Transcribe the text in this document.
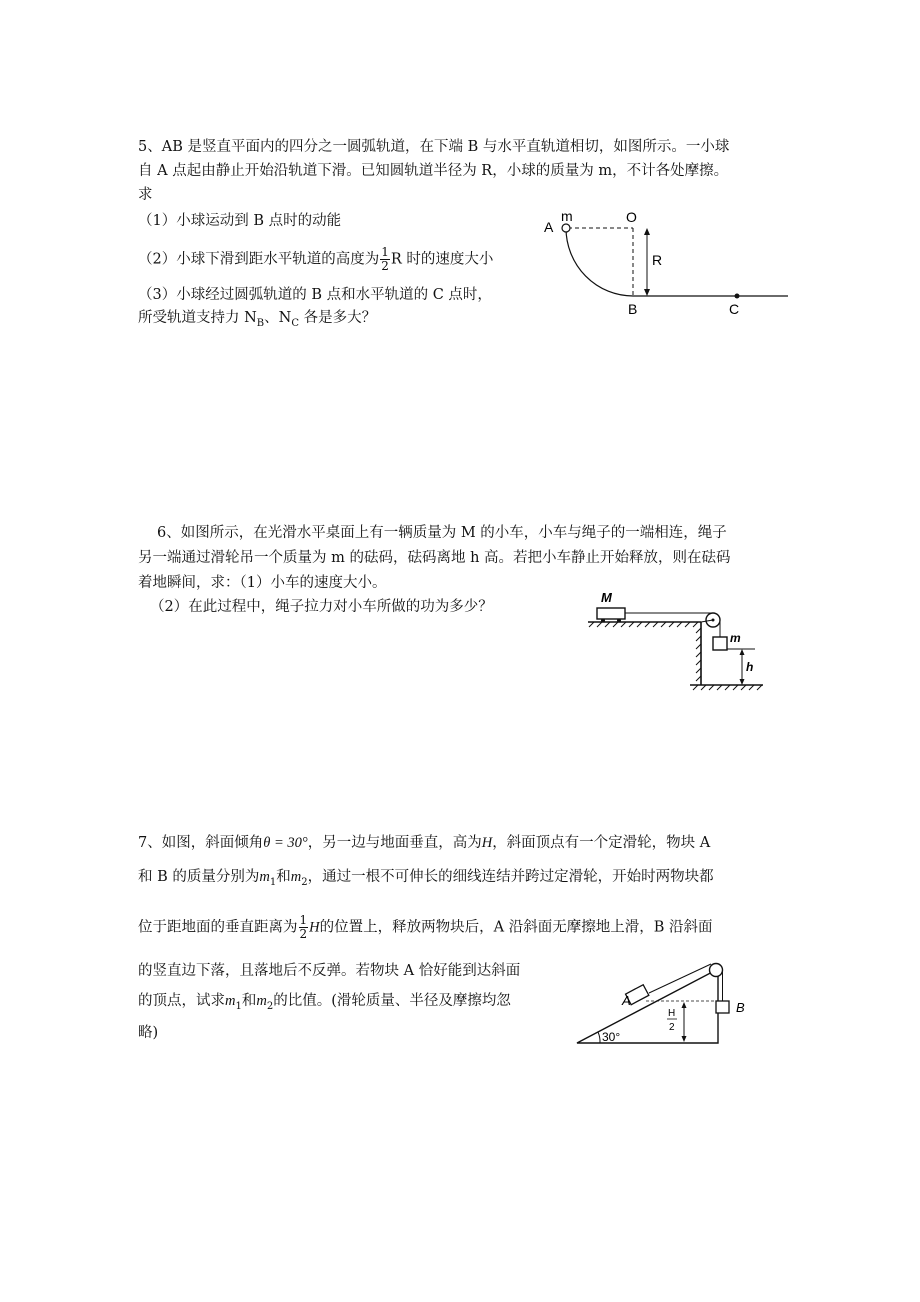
5、AB 是竖直平面内的四分之一圆弧轨道，在下端 B 与水平直轨道相切，如图所示。一小球
自 A 点起由静止开始沿轨道下滑。已知圆轨道半径为 R，小球的质量为 m，不计各处摩擦。
求
（1）小球运动到 B 点时的动能
（2）小球下滑到距水平轨道的高度为 $\frac{1}{2}$ R 时的速度大小
（3）小球经过圆弧轨道的 B 点和水平轨道的 C 点时，
所受轨道支持力 $N_B$、$N_C$ 各是多大？
A
m	O
R
B	C
6、如图所示，在光滑水平桌面上有一辆质量为 M 的小车，小车与绳子的一端相连，绳子
另一端通过滑轮吊一个质量为 m 的砝码，砝码离地 h 高。若把小车静止开始释放，则在砝码
着地瞬间，求：（1）小车的速度大小。
（2）在此过程中，绳子拉力对小车所做的功为多少？
M
m
h
7、如图，斜面倾角θ = 30°，另一边与地面垂直，高为H，斜面顶点有一个定滑轮，物块 A
和 B 的质量分别为$m_1$和$m_2$，通过一根不可伸长的细线连结并跨过定滑轮，开始时两物块都
位于距地面的垂直距离为 $\frac{1}{2}$ H的位置上，释放两物块后，A 沿斜面无摩擦地上滑，B 沿斜面
的竖直边下落，且落地后不反弹。若物块 A 恰好能到达斜面
的顶点，试求$m_1$和$m_2$的比值。(滑轮质量、半径及摩擦均忽
略)
H
2
30°
A	B
